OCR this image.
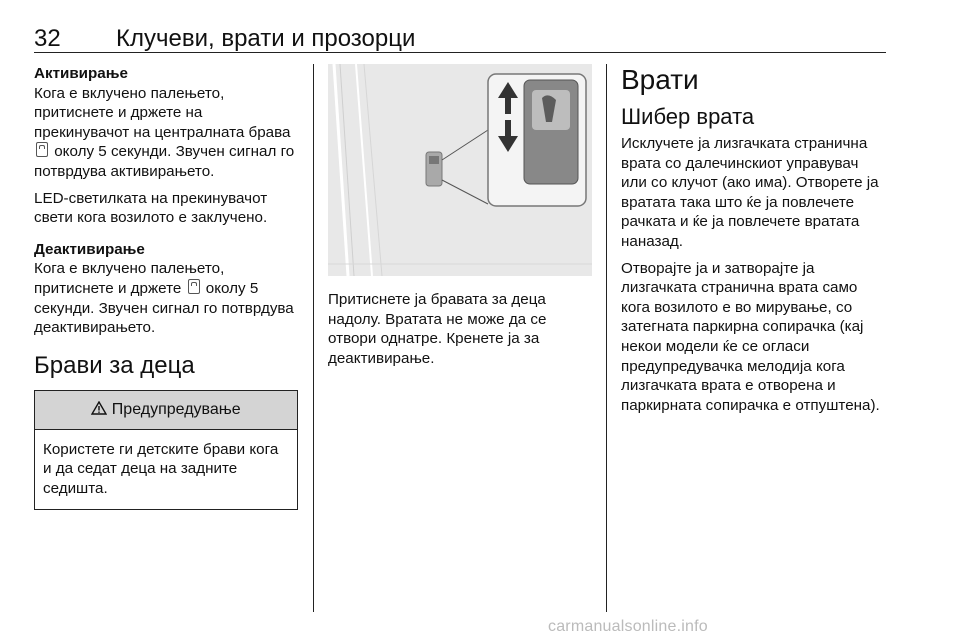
32 Клучеви, врати и прозорци
Активирање

Кога е вклучено палењето, притиснете и држете на прекинувачот на централната брава  околу 5 секунди. Звучен сигнал го потврдува активирањето.

LED-светилката на прекинувачот свети кога возилото е заклучено.

Деактивирање

Кога е вклучено палењето, притиснете и држете околу 5 секунди. Звучен сигнал го потврдува деактивирањето.

Брави за деца
Предупредување
Користете ги детските брави кога и да седат деца на задните седишта.

Притиснете ја бравата за деца надолу. Вратата не може да се отвори однатре. Кренете ја за деактивирање.

Врати
Шибер врата

Исклучете ја лизгачката странична врата со далечинскиот управувач или со клучот (ако има). Отворете ја вратата така што ќе ја повлечете рачката и ќе ја повлечете вратата наназад.

Отворајте ја и затворајте ја лизгачката странична врата само кога возилото е во мирување, со затегната паркирна сопирачка (кај некои модели ќе се огласи предупредувачка мелодија кога лизгачката врата е отворена и паркирната сопирачка е отпуштена).

carmanualsonline.info
